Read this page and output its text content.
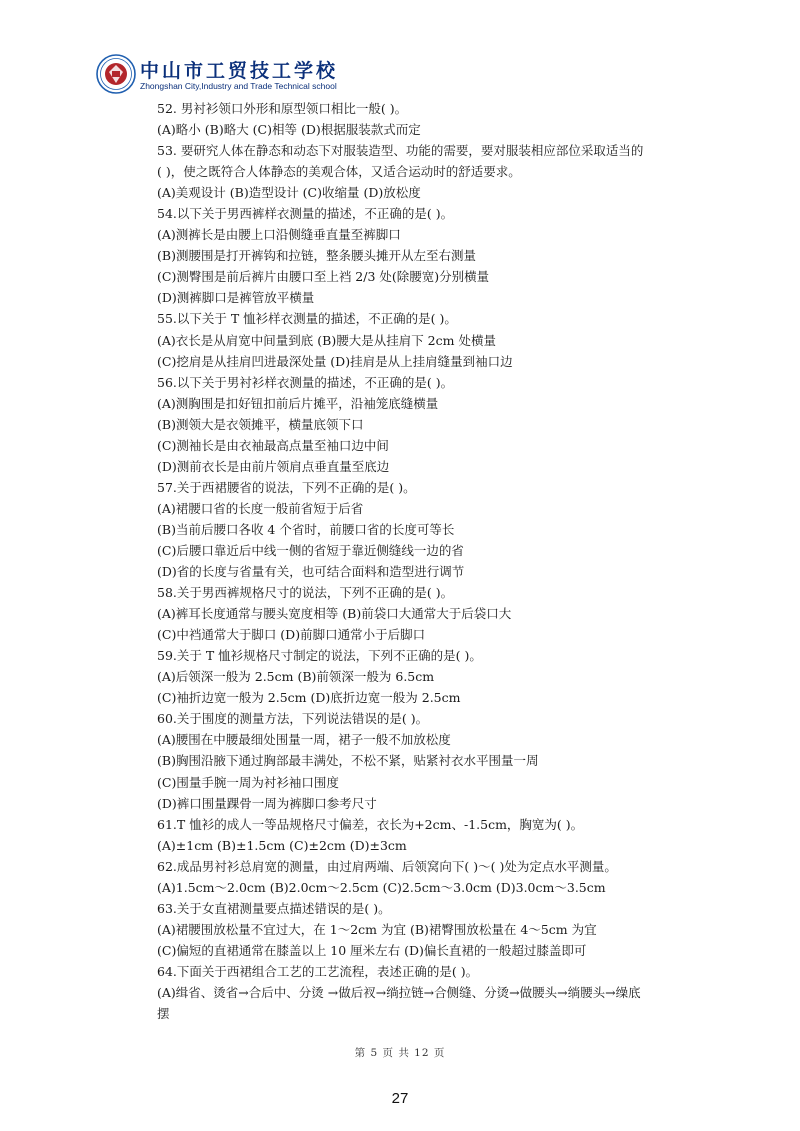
中山市工贸技工学校
Zhongshan City,Industry and Trade Technical school
52. 男衬衫领口外形和原型领口相比一般( )。
(A)略小 (B)略大 (C)相等 (D)根据服装款式而定
53. 要研究人体在静态和动态下对服装造型、功能的需要，要对服装相应部位采取适当的
( )，使之既符合人体静态的美观合体，又适合运动时的舒适要求。
(A)美观设计 (B)造型设计 (C)收缩量 (D)放松度
54.以下关于男西裤样衣测量的描述，不正确的是( )。
(A)测裤长是由腰上口沿侧缝垂直量至裤脚口
(B)测腰围是打开裤钩和拉链，整条腰头摊开从左至右测量
(C)测臀围是前后裤片由腰口至上裆 2/3 处(除腰宽)分别横量
(D)测裤脚口是裤管放平横量
55.以下关于 T 恤衫样衣测量的描述，不正确的是( )。
(A)衣长是从肩宽中间量到底 (B)腰大是从挂肩下 2cm 处横量
(C)挖肩是从挂肩凹进最深处量 (D)挂肩是从上挂肩缝量到袖口边
56.以下关于男衬衫样衣测量的描述，不正确的是( )。
(A)测胸围是扣好钮扣前后片摊平，沿袖笼底缝横量
(B)测领大是衣领摊平，横量底领下口
(C)测袖长是由衣袖最高点量至袖口边中间
(D)测前衣长是由前片领肩点垂直量至底边
57.关于西裙腰省的说法，下列不正确的是( )。
(A)裙腰口省的长度一般前省短于后省
(B)当前后腰口各收 4 个省时，前腰口省的长度可等长
(C)后腰口靠近后中线一侧的省短于靠近侧缝线一边的省
(D)省的长度与省量有关，也可结合面料和造型进行调节
58.关于男西裤规格尺寸的说法，下列不正确的是( )。
(A)裤耳长度通常与腰头宽度相等 (B)前袋口大通常大于后袋口大
(C)中裆通常大于脚口 (D)前脚口通常小于后脚口
59.关于 T 恤衫规格尺寸制定的说法，下列不正确的是( )。
(A)后领深一般为 2.5cm (B)前领深一般为 6.5cm
(C)袖折边宽一般为 2.5cm (D)底折边宽一般为 2.5cm
60.关于围度的测量方法，下列说法错误的是( )。
(A)腰围在中腰最细处围量一周，裙子一般不加放松度
(B)胸围沿腋下通过胸部最丰满处，不松不紧，贴紧衬衣水平围量一周
(C)围量手腕一周为衬衫袖口围度
(D)裤口围量踝骨一周为裤脚口参考尺寸
61.T 恤衫的成人一等品规格尺寸偏差，衣长为+2cm、-1.5cm，胸宽为( )。
(A)±1cm (B)±1.5cm (C)±2cm (D)±3cm
62.成品男衬衫总肩宽的测量，由过肩两端、后领窝向下( )～( )处为定点水平测量。
(A)1.5cm～2.0cm (B)2.0cm～2.5cm (C)2.5cm～3.0cm (D)3.0cm～3.5cm
63.关于女直裙测量要点描述错误的是( )。
(A)裙腰围放松量不宜过大，在 1～2cm 为宜 (B)裙臀围放松量在 4～5cm 为宜
(C)偏短的直裙通常在膝盖以上 10 厘米左右 (D)偏长直裙的一般超过膝盖即可
64.下面关于西裙组合工艺的工艺流程，表述正确的是( )。
(A)缉省、烫省→合后中、分烫 →做后衩→绱拉链→合侧缝、分烫→做腰头→绱腰头→缲底
摆
第 5 页 共 12 页
27
